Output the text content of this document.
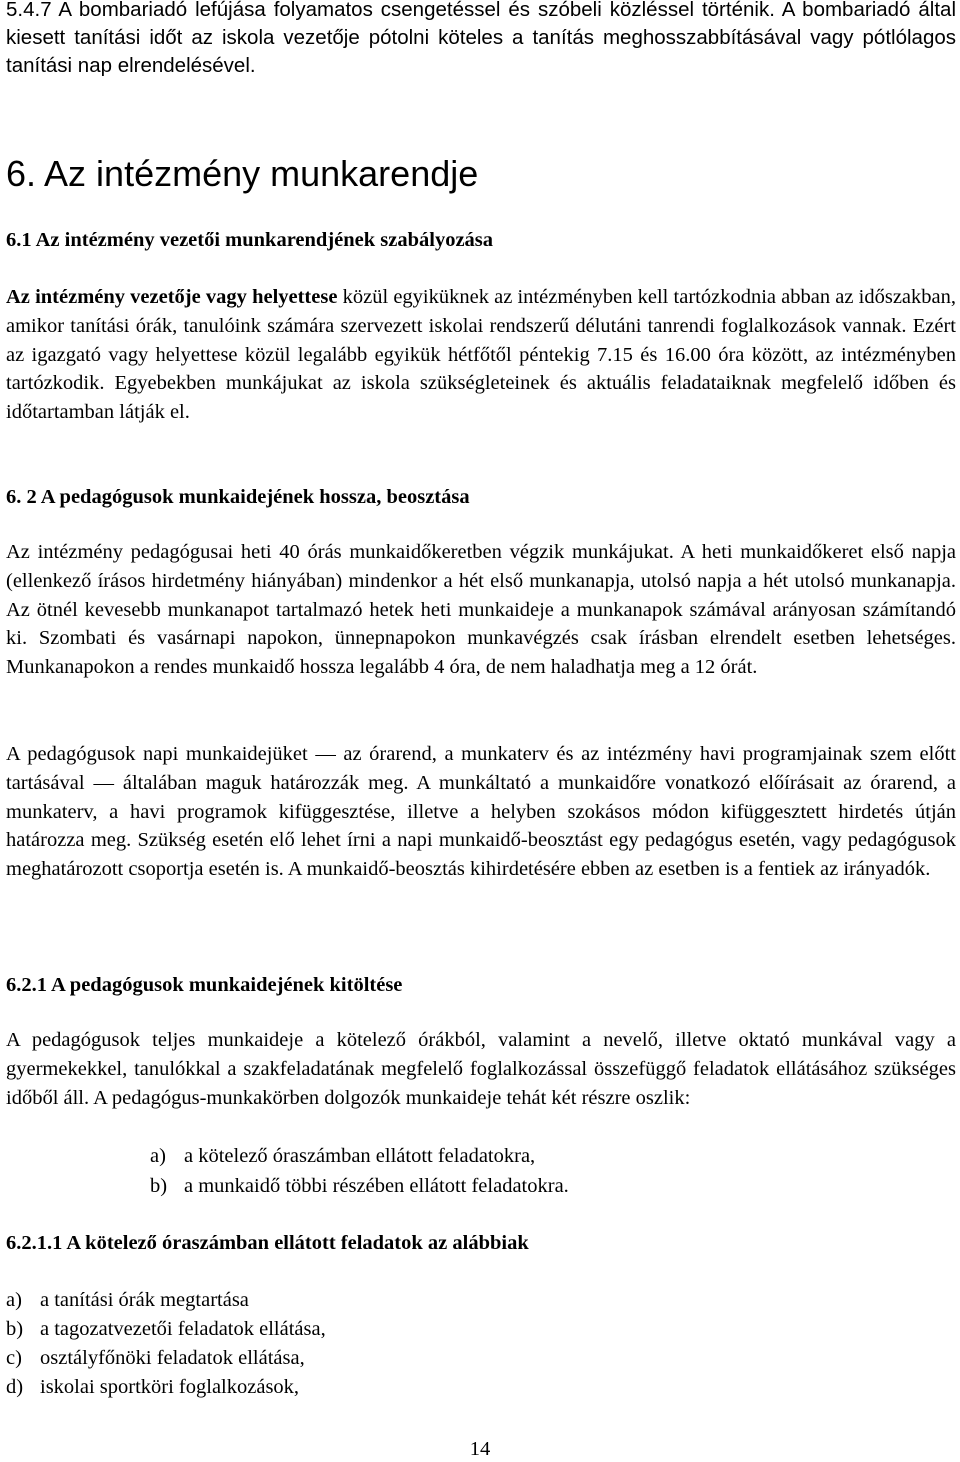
5.4.7 A bombariadó lefújása folyamatos csengetéssel és szóbeli közléssel történik. A bombariadó által kiesett tanítási időt az iskola vezetője pótolni köteles a tanítás meghosszabbításával vagy pótlólagos tanítási nap elrendelésével.

6. Az intézmény munkarendje
6.1 Az intézmény vezetői munkarendjének szabályozása

Az intézmény vezetője vagy helyettese közül egyiküknek az intézményben kell tartózkodnia abban az időszakban, amikor tanítási órák, tanulóink számára szervezett iskolai rendszerű délutáni tanrendi foglalkozások vannak. Ezért az igazgató vagy helyettese közül legalább egyikük hétfőtől péntekig 7.15 és 16.00 óra között, az intézményben tartózkodik. Egyebekben munkájukat az iskola szükségleteinek és aktuális feladataiknak megfelelő időben és időtartamban látják el.

6. 2 A pedagógusok munkaidejének hossza, beosztása

Az intézmény pedagógusai heti 40 órás munkaidőkeretben végzik munkájukat. A heti munkaidőkeret első napja (ellenkező írásos hirdetmény hiányában) mindenkor a hét első munkanapja, utolsó napja a hét utolsó munkanapja. Az ötnél kevesebb munkanapot tartalmazó hetek heti munkaideje a munkanapok számával arányosan számítandó ki. Szombati és vasárnapi napokon, ünnepnapokon munkavégzés csak írásban elrendelt esetben lehetséges. Munkanapokon a rendes munkaidő hossza legalább 4 óra, de nem haladhatja meg a 12 órát.

A pedagógusok napi munkaidejüket — az órarend, a munkaterv és az intézmény havi programjainak szem előtt tartásával — általában maguk határozzák meg. A munkáltató a munkaidőre vonatkozó előírásait az órarend, a munkaterv, a havi programok kifüggesztése, illetve a helyben szokásos módon kifüggesztett hirdetés útján határozza meg. Szükség esetén elő lehet írni a napi munkaidő-beosztást egy pedagógus esetén, vagy pedagógusok meghatározott csoportja esetén is. A munkaidő-beosztás kihirdetésére ebben az esetben is a fentiek az irányadók.

6.2.1 A pedagógusok munkaidejének kitöltése

A pedagógusok teljes munkaideje a kötelező órákból, valamint a nevelő, illetve oktató munkával vagy a gyermekekkel, tanulókkal a szakfeladatának megfelelő foglalkozással összefüggő feladatok ellátásához szükséges időből áll. A pedagógus-munkakörben dolgozók munkaideje tehát két részre oszlik:

a) a kötelező óraszámban ellátott feladatokra,
b) a munkaidő többi részében ellátott feladatokra.
6.2.1.1 A kötelező óraszámban ellátott feladatok az alábbiak
a) a tanítási órák megtartása
b) a tagozatvezetői feladatok ellátása,
c) osztályfőnöki feladatok ellátása,
d) iskolai sportköri foglalkozások,
14
